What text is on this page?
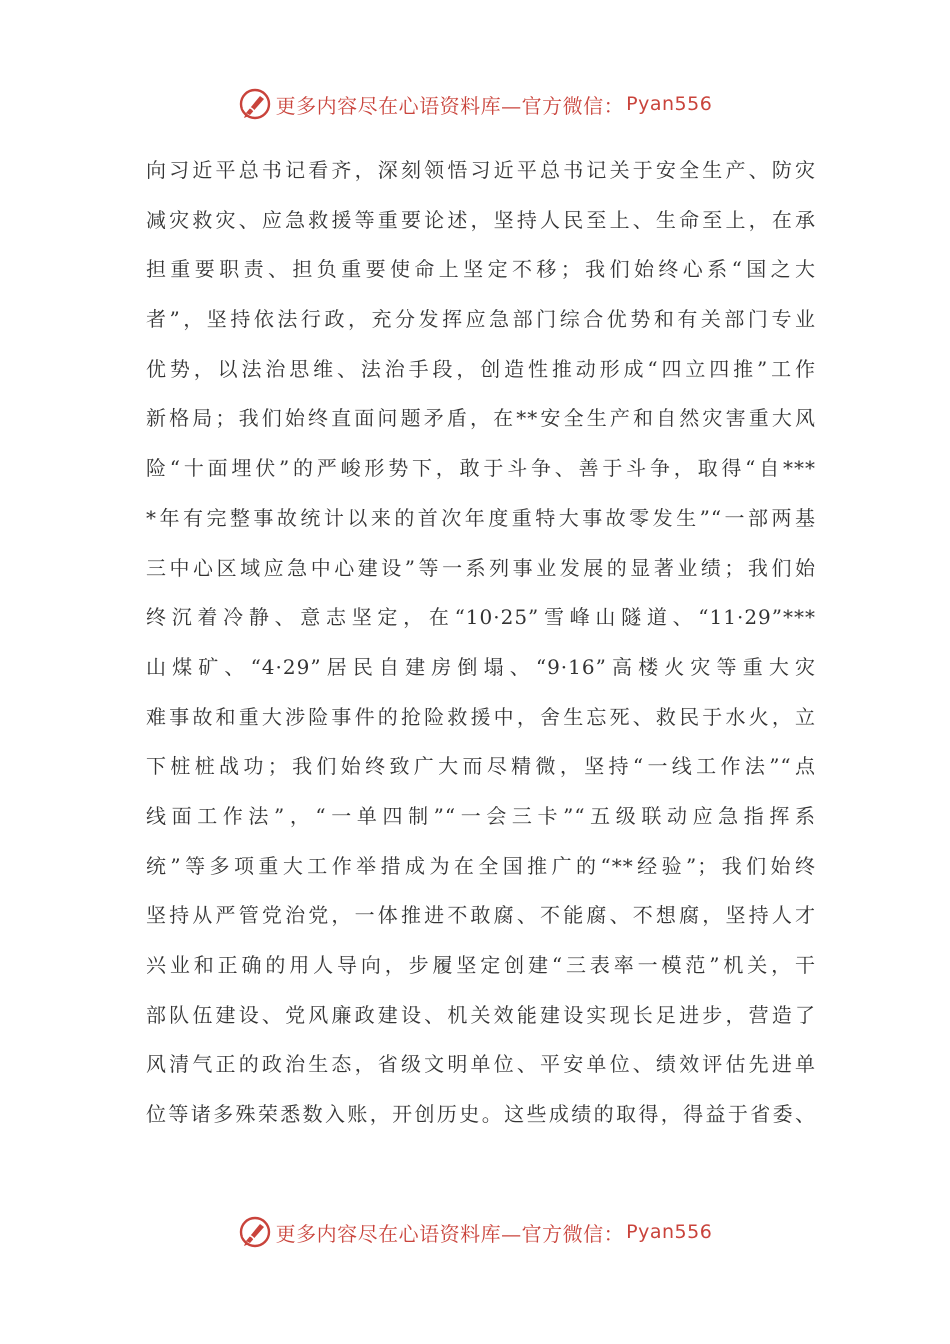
更多内容尽在心语资料库—官方微信： Pyan556
向习近平总书记看齐，深刻领悟习近平总书记关于安全生产、防灾
减灾救灾、应急救援等重要论述，坚持人民至上、生命至上，在承
担重要职责、担负重要使命上坚定不移；我们始终心系“国之大
者”，坚持依法行政，充分发挥应急部门综合优势和有关部门专业
优势，以法治思维、法治手段，创造性推动形成“四立四推”工作
新格局；我们始终直面问题矛盾，在**安全生产和自然灾害重大风
险“十面埋伏”的严峻形势下，敢于斗争、善于斗争，取得“自***
*年有完整事故统计以来的首次年度重特大事故零发生”“一部两基
三中心区域应急中心建设”等一系列事业发展的显著业绩；我们始
终沉着冷静、意志坚定，在“10·25”雪峰山隧道、“11·29”***
山煤矿、“4·29”居民自建房倒塌、“9·16”高楼火灾等重大灾
难事故和重大涉险事件的抢险救援中，舍生忘死、救民于水火，立
下桩桩战功；我们始终致广大而尽精微，坚持“一线工作法”“点
线面工作法”，“一单四制”“一会三卡”“五级联动应急指挥系
统”等多项重大工作举措成为在全国推广的“**经验”；我们始终
坚持从严管党治党，一体推进不敢腐、不能腐、不想腐，坚持人才
兴业和正确的用人导向，步履坚定创建“三表率一模范”机关，干
部队伍建设、党风廉政建设、机关效能建设实现长足进步，营造了
风清气正的政治生态，省级文明单位、平安单位、绩效评估先进单
位等诸多殊荣悉数入账，开创历史。这些成绩的取得，得益于省委、
更多内容尽在心语资料库—官方微信： Pyan556
